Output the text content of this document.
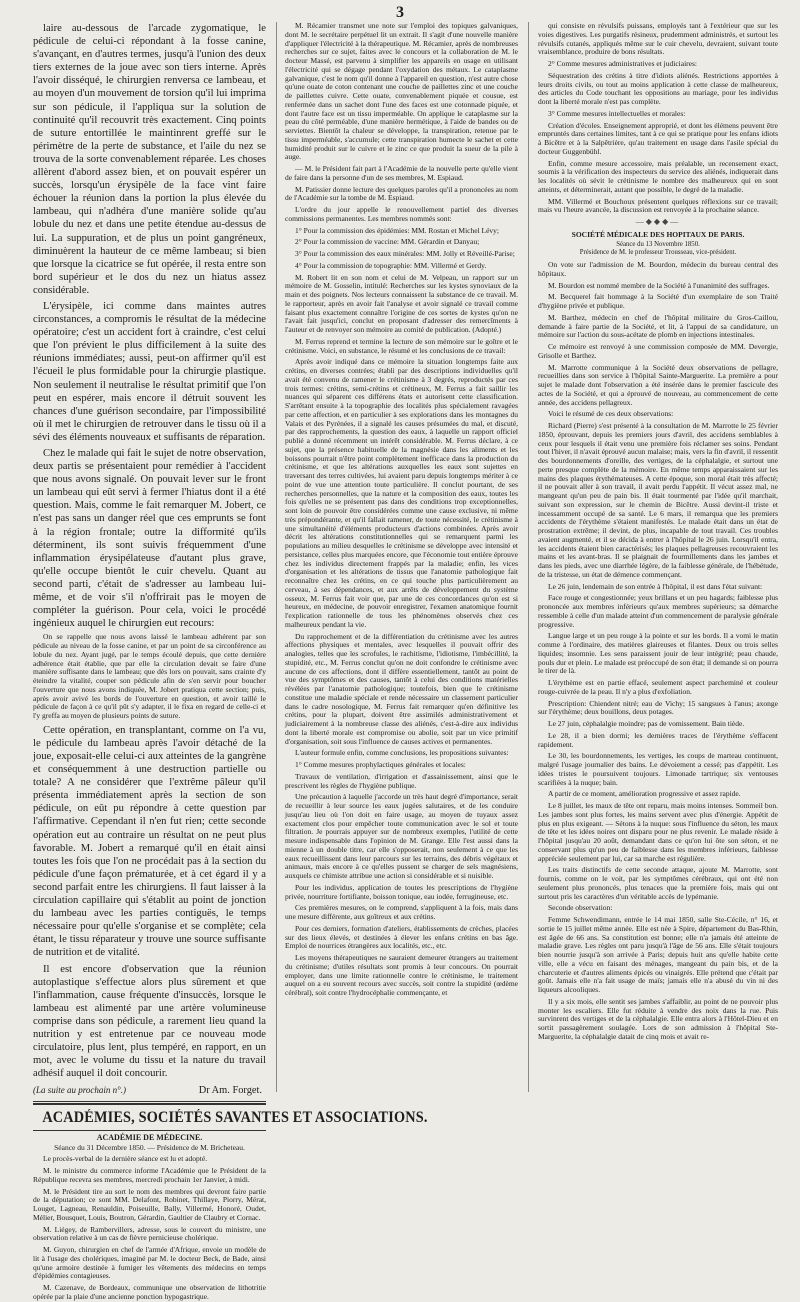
3

laire au-dessous de l'arcade zygomatique, le pédicule de celui-ci répondant à la fosse canine, s'avançant, en d'autres termes, jusqu'à l'union des deux tiers externes de la joue avec son tiers interne. Après l'avoir disséqué, le chirurgien renversa ce lambeau, et au moyen d'un mouvement de torsion qu'il lui imprima sur son pédicule, il l'appliqua sur la solution de continuité qu'il recouvrit très exactement. Cinq points de suture entortillée le maintinrent greffé sur le périmètre de la perte de substance, et l'aile du nez se trouva de la sorte convenablement réparée. Les choses allèrent d'abord assez bien, et on pouvait espérer un succès, lorsqu'un érysipèle de la face vint faire échouer la réunion dans la portion la plus élevée du lambeau, qui n'adhéra d'une manière solide qu'au lobule du nez et dans une petite étendue au-dessus de lui. La suppuration, et de plus un point gangréneux, diminuèrent la hauteur de ce même lambeau; si bien que lorsque la cicatrice se fut opérée, il resta entre son bord supérieur et le dos du nez un hiatus assez considérable.

L'érysipèle, ici comme dans maintes autres circonstances, a compromis le résultat de la médecine opératoire; c'est un accident fort à craindre, c'est celui que l'on prévient le plus difficilement à la suite des réunions immédiates; aussi, peut-on affirmer qu'il est l'écueil le plus formidable pour la chirurgie plastique. Non seulement il neutralise le résultat primitif que l'on peut en espérer, mais encore il détruit souvent les chances d'une guérison secondaire, par l'impossibilité où il met le chirurgien de retrouver dans le tissu où il a sévi des éléments nouveaux et suffisants de réparation.

Chez le malade qui fait le sujet de notre observation, deux partis se présentaient pour remédier à l'accident que nous avons signalé. On pouvait lever sur le front un lambeau qui eût servi à fermer l'hiatus dont il a été question. Mais, comme le fait remarquer M. Jobert, ce n'est pas sans un danger réel que ces emprunts se font à la région frontale; outre la difformité qu'ils déterminent, ils sont suivis fréquemment d'une inflammation érysipélateuse d'autant plus grave, qu'elle occupe bientôt le cuir chevelu. Quant au second parti, c'était de s'adresser au lambeau lui-même, et de voir s'il n'offrirait pas le moyen de compléter la guérison. Pour cela, voici le procédé ingénieux auquel le chirurgien eut recours:

On se rappelle que nous avons laissé le lambeau adhérent par son pédicule au niveau de la fosse canine, et par un point de sa circonférence au lobule du nez. Ayant jugé, par le temps écoulé depuis, que cette dernière adhérence était établie, que par elle la circulation devait se faire d'une manière suffisante dans le lambeau; que dès lors on pouvait, sans crainte d'y éteindre la vitalité, couper son pédicule afin de s'en servir pour boucher l'ouverture que nous avons indiquée, M. Jobert pratiqua cette section; puis, après avoir avivé les bords de l'ouverture en question, et avoir taillé le pédicule de façon à ce qu'il pût s'y adapter, il le fixa en regard de celle-ci et l'y greffa au moyen de plusieurs points de suture.

Cette opération, en transplantant, comme on l'a vu, le pédicule du lambeau après l'avoir détaché de la joue, exposait-elle celui-ci aux atteintes de la gangrène et conséquemment à une destruction partielle ou totale? A ne considérer que l'extrême pâleur qu'il présenta immédiatement après la section de son pédicule, on eût pu répondre à cette question par l'affirmative. Cependant il n'en fut rien; cette seconde opération eut au contraire un résultat on ne peut plus favorable. M. Jobert a remarqué qu'il en était ainsi toutes les fois que l'on ne procédait pas à la section du pédicule d'une façon prématurée, et à cet égard il y a second parfait entre les chirurgiens. Il faut laisser à la circulation capillaire qui s'établit au point de jonction du lambeau avec les parties contiguës, le temps nécessaire pour qu'elle s'organise et se complète; cela étant, le tissu réparateur y trouve une source suffisante de nutrition et de vitalité.

Il est encore d'observation que la réunion autoplastique s'effectue alors plus sûrement et que l'inflammation, cause fréquente d'insuccès, lorsque le lambeau est alimenté par une artère volumineuse comprise dans son pédicule, a rarement lieu quand la nutrition y est entretenue par ce nouveau mode circulatoire, plus lent, plus tempéré, en rapport, en un mot, avec le volume du tissu et la nature du travail adhésif auquel il doit concourir.

(La suite au prochain n°.)	Dr Am. Forget.
ACADÉMIES, SOCIÉTÉS SAVANTES ET ASSOCIATIONS.
ACADÉMIE DE MÉDECINE.
Séance du 31 Décembre 1850. — Présidence de M. Bricheteau.

Le procès-verbal de la dernière séance est lu et adopté.

M. le ministre du commerce informe l'Académie que le Président de la République recevra ses membres, mercredi prochain 1er Janvier, à midi.

M. le Président tire au sort le nom des membres qui devront faire partie de la députation; ce sont MM. Delafont, Robinet, Thillaye, Piorry, Mérat, Louget, Lagneau, Renauldin, Poiseuille, Bally, Villermé, Honoré, Oudet, Mélier, Bousquet, Louis, Boutron, Gérardin, Gaultier de Claubry et Cornac.

M. Liégey, de Rambervillers, adresse, sous le couvert du ministre, une observation relative à un cas de fièvre pernicieuse cholérique.

M. Guyon, chirurgien en chef de l'armée d'Afrique, envoie un modèle de lit à l'usage des cholériques, imaginé par M. le docteur Beck, de Bade, ainsi qu'une armoire destinée à fumiger les vêtements des médecins en temps d'épidémies contagieuses.

M. Cazenave, de Bordeaux, communique une observation de lithotritie opérée par la plaie d'une ancienne ponction hypogastrique.

M. Récamier transmet une note sur l'emploi des topiques galvaniques, dont M. le secrétaire perpétuel lit un extrait. Il s'agit d'une nouvelle manière d'appliquer l'électricité à la thérapeutique. M. Récamier, après de nombreuses recherches sur ce sujet, faites avec le concours et la collaboration de M. le docteur Massé, est parvenu à simplifier les appareils en usage en utilisant l'électricité qui se dégage pendant l'oxydation des métaux. Le cataplasme galvanique, c'est le nom qu'il donne à l'appareil en question, n'est autre chose qu'une ouate de coton contenant une couche de paillettes zinc et une couche de paillettes cuivre. Cette ouate, convenablement piquée et cousue, est renfermée dans un sachet dont l'une des faces est une cotonnade piquée, et dont l'autre face est un tissu imperméable. On applique le cataplasme sur la peau du côté perméable, d'une manière hermétique, à l'aide de bandes ou de serviettes. Bientôt la chaleur se développe, la transpiration, retenue par le tissu imperméable, s'accumule; cette transpiration humecte le sachet et cette humidité produit sur le cuivre et le zinc ce que produit la sueur de la pile à auge.

— M. le Président fait part à l'Académie de la nouvelle perte qu'elle vient de faire dans la personne d'un de ses membres, M. Espiaud.

M. Patissier donne lecture des quelques paroles qu'il a prononcées au nom de l'Académie sur la tombe de M. Espiaud.

L'ordre du jour appelle le renouvellement partiel des diverses commissions permanentes. Les membres nommés sont:

1° Pour la commission des épidémies: MM. Rostan et Michel Lévy;

2° Pour la commission de vaccine: MM. Gérardin et Danyau;

3° Pour la commission des eaux minérales: MM. Jolly et Réveillé-Parise;

4° Pour la commission de topographie: MM. Villermé et Gerdy.

M. Robert lit en son nom et celui de M. Velpeau, un rapport sur un mémoire de M. Gosselin, intitulé: Recherches sur les kystes synoviaux de la main et des poignets. Nos lecteurs connaissent la substance de ce travail. M. le rapporteur, après en avoir fait l'analyse et avoir signalé ce travail comme faisant plus exactement connaître l'origine de ces sortes de kystes qu'on ne l'avait fait jusqu'ici, conclut en proposant d'adresser des remercîments à l'auteur et de renvoyer son mémoire au comité de publication. (Adopté.)

M. Ferrus reprend et termine la lecture de son mémoire sur le goître et le crétinisme. Voici, en substance, le résumé et les conclusions de ce travail:

Après avoir indiqué dans ce mémoire la situation longtemps faite aux crétins, en diverses contrées; établi par des descriptions individuelles qu'il avait été convenu de ramener le crétinisme à 3 degrés, reproductés par ces trois termes: crétins, semi-crétins et crétineux, M. Ferrus a fait saillir les nuances qui séparent ces différens états et autorisent cette classification. S'arrêtant ensuite à la topographie des localités plus spécialement ravagées par cette affection, et en particulier à ses explorations dans les montagnes du Valais et des Pyrénées, il a signalé les causes présumées du mal, et discuté, par des rapprochements, la question des eaux, à laquelle un rapport officiel publié a donné récemment un intérêt considérable. M. Ferrus déclare, à ce sujet, que la présence habituelle de la magnésie dans les aliments et les boissons pourrait n'être point complètement inefficace dans la production du crétinisme, et que les altérations auxquelles les eaux sont sujettes en traversant des terres cultivées, lui avaient paru depuis longtemps mériter à ce point de vue une attention toute particulière. Il conclut pourtant, de ses recherches personnelles, que la nature et la composition des eaux, toutes les fois qu'elles ne se présentent pas dans des conditions trop exceptionnelles, sont loin de pouvoir être considérées comme une cause exclusive, ni même très prépondérante, et qu'il fallait ramener, de toute nécessité, le crétinisme à une simultanéité d'éléments producteurs d'actions combinées. Après avoir décrit les altérations constitutionnelles qui se remarquent parmi les populations au milieu desquelles le crétinisme se développe avec intensité et persistance, celles plus marquées encore, que l'économie tout entière éprouve chez les individus directement frappés par la maladie; enfin, les vices d'organisation et les altérations de tissus que l'anatomie pathologique fait reconnaître chez les crétins, en ce qui touche plus particulièrement au cerveau, à ses dépendances, et aux arrêts de développement du système osseux, M. Ferrus fait voir que, par une de ces concordances qu'on est si heureux, en médecine, de pouvoir enregistrer, l'examen anatomique fournit l'explication rationnelle de tous les phénomènes observés chez ces malheureux pendant la vie.

Du rapprochement et de la différentiation du crétinisme avec les autres affections physiques et mentales, avec lesquelles il pouvait offrir des analogies, telles que les scrofules, le rachitisme, l'idiotisme, l'imbécillité, la stupidité, etc., M. Ferrus conclut qu'on ne doit confondre le crétinisme avec aucune de ces affections, dont il diffère essentiellement, tantôt au point de vue des symptômes et des causes, tantôt à celui des conditions matérielles révélées par l'anatomie pathologique; toutefois, bien que le crétinisme constitue une maladie spéciale et rende nécessaire un classement particulier dans le cadre nosologique, M. Ferrus fait remarquer qu'en définitive les crétins, pour la plupart, doivent être assimilés administrativement et judiciairement à la nombreuse classe des aliénés, c'est-à-dire aux individus dont la liberté morale est compromise ou abolie, soit par un vice primitif d'organisation, soit sous l'influence de causes actives et permanentes.

L'auteur formule enfin, comme conclusions, les propositions suivantes:

1° Comme mesures prophylactiques générales et locales:

Travaux de ventilation, d'irrigation et d'assainissement, ainsi que le prescrivent les règles de l'hygiène publique.

Une précaution à laquelle j'accorde un très haut degré d'importance, serait de recueillir à leur source les eaux jugées salutaires, et de les conduire jusqu'au lieu où l'on doit en faire usage, au moyen de tuyaux assez exactement clos pour empêcher toute communication avec le sol et toute filtration. Je pourrais appuyer sur de nombreux exemples, l'utilité de cette mesure indispensable dans l'opinion de M. Grange. Elle l'est aussi dans la mienne à un double titre, car elle s'opposerait, non seulement à ce que les eaux recueillissent dans leur parcours sur les terrains, des débris végétaux et animaux, mais encore à ce qu'elles pussent se charger de sels magnésiens, auxquels ce chimiste attribue une action si considérable et si nuisible.

Pour les individus, application de toutes les prescriptions de l'hygiène privée, nourriture fortifiante, boisson tonique, eau iodée, ferrugineuse, etc.

Ces premières mesures, on le comprend, s'appliquent à la fois, mais dans une mesure différente, aux goîtreux et aux crétins.

Pour ces derniers, formation d'ateliers, établissements de crèches, placées sur des lieux élevés, et destinées à élever les enfans crétins en bas âge. Emploi de nourrices étrangères aux localités, etc., etc.

Les moyens thérapeutiques ne sauraient demeurer étrangers au traitement du crétinisme; d'utiles résultats sont promis à leur concours. On pourrait employer, dans une limite rationnelle contre le crétinisme, le traitement auquel on a eu souvent recours avec succès, soit contre la stupidité (œdème cérébral), soit contre l'hydrocéphalie commençante, et

qui consiste en révulsifs puissans, employés tant à l'extérieur que sur les voies digestives. Les purgatifs résineux, prudemment administrés, et surtout les révulsifs cutanés, appliqués même sur le cuir chevelu, devraient, suivant toute vraisemblance, produire de bons résultats.

2° Comme mesures administratives et judiciaires:

Séquestration des crétins à titre d'idiots aliénés. Restrictions apportées à leurs droits civils, ou tout au moins application à cette classe de malheureux, des articles du Code touchant les oppositions au mariage, pour les individus dont la liberté morale n'est pas complète.

3° Comme mesures intellectuelles et morales:

Création d'écoles. Enseignement approprié, et dont les élémens peuvent être empruntés dans certaines limites, tant à ce qui se pratique pour les enfans idiots à Bicêtre et à la Salpêtrière, qu'au traitement en usage dans l'asile spécial du docteur Guggenbühl.

Enfin, comme mesure accessoire, mais préalable, un recensement exact, soumis à la vérification des inspecteurs du service des aliénés, indiquerait dans les localités où sévit le crétinisme le nombre des malheureux qui en sont atteints, et déterminerait, autant que possible, le degré de la maladie.

MM. Villermé et Bouchoux présentent quelques réflexions sur ce travail; mais vu l'heure avancée, la discussion est renvoyée à la prochaine séance.

—◆◆◆—
SOCIÉTÉ MÉDICALE DES HOPITAUX DE PARIS.
Séance du 13 Novembre 1850.
Présidence de M. le professeur Trousseau, vice-président.

On vote sur l'admission de M. Bourdon, médecin du bureau central des hôpitaux.

M. Bourdon est nommé membre de la Société à l'unanimité des suffrages.

M. Becquerel fait hommage à la Société d'un exemplaire de son Traité d'hygiène privée et publique.

M. Barthez, médecin en chef de l'hôpital militaire du Gros-Caillou, demande à faire partie de la Société, et lit, à l'appui de sa candidature, un mémoire sur l'action du sous-acétate de plomb en injections intestinales.

Ce mémoire est renvoyé à une commission composée de MM. Devergie, Grisolle et Barthez.

M. Marrotte communique à la Société deux observations de pellagre, recueillies dans son service à l'hôpital Sainte-Marguerite. La première a pour sujet le malade dont l'observation a été insérée dans le premier fascicule des actes de la Société, et qui a éprouvé de nouveau, au commencement de cette année, des accidens pellagreux.

Voici le résumé de ces deux observations:

Richard (Pierre) s'est présenté à la consultation de M. Marrotte le 25 février 1850, éprouvant, depuis les premiers jours d'avril, des accidens semblables à ceux pour lesquels il était venu une première fois réclamer ses soins. Pendant tout l'hiver, il n'avait éprouvé aucun malaise; mais, vers la fin d'avril, il ressentit des bourdonnements d'oreille, des vertiges, de la céphalalgie, et surtout une perte presque complète de la mémoire. En même temps apparaissaient sur les mains des plaques érythémateuses. A cette époque, son moral était très affecté; il ne pouvait aller à son travail, il avait perdu l'appétit. Il vécut assez mal, ne mangeant qu'un peu de pain bis. Il était tourmenté par l'idée qu'il marchait, suivant son expression, sur le chemin de Bicêtre. Aussi devint-il triste et incessamment occupé de sa santé. Le 6 mars, il remarqua que les premiers accidents de l'érythème s'étaient manifestés. Le malade était dans un état de prostration extrême; il devint, de plus, incapable de tout travail. Ces troubles avaient augmenté, et il se décida à entrer à l'hôpital le 26 juin. Lorsqu'il entra, les accidents étaient bien caractérisés; les plaques pellagreuses recouvraient les mains et les avant-bras. Il se plaignait de fourmillements dans les jambes et dans les pieds, avec une diarrhée légère, de la faiblesse générale, de l'hébétude, de la tristesse, un état de démence commençant.

Le 26 juin, lendemain de son entrée à l'hôpital, il est dans l'état suivant:

Face rouge et congestionnée; yeux brillans et un peu hagards; faiblesse plus prononcée aux membres inférieurs qu'aux membres supérieurs; sa démarche ressemble à celle d'un malade atteint d'un commencement de paralysie générale progressive.

Langue large et un peu rouge à la pointe et sur les bords. Il a vomi le matin comme à l'ordinaire, des matières glaireuses et filantes. Deux ou trois selles liquides; insomnie. Les sens paraissent jouir de leur intégrité; peau chaude, pouls dur et plein. Le malade est préoccupé de son état; il demande si on pourra le tirer de là.

L'érythème est en partie effacé, seulement aspect parcheminé et couleur rouge-cuivrée de la peau. Il n'y a plus d'exfoliation.

Prescription: Chiendent nitré; eau de Vichy; 15 sangsues à l'anus; axonge sur l'érythème; deux bouillons, deux potages.

Le 27 juin, céphalalgie moindre; pas de vomissement. Bain tiède.

Le 28, il a bien dormi; les dernières traces de l'érythème s'effacent rapidement.

Le 30, les bourdonnements, les vertiges, les coups de marteau continuent, malgré l'usage journalier des bains. Le dévoiement a cessé; pas d'appétit. Les idées tristes le poursuivent toujours. Limonade tartrique; six ventouses scarifiées à la nuque; bain.

A partir de ce moment, amélioration progressive et assez rapide.

Le 8 juillet, les maux de tête ont reparu, mais moins intenses. Sommeil bon. Les jambes sont plus fortes, les mains servent avec plus d'énergie. Appétit de plus en plus exigeant. — Sétons à la nuque: sous l'influence du séton, les maux de tête et les idées noires ont disparu pour ne plus revenir. Le malade réside à l'hôpital jusqu'au 20 août, demandant dans ce qu'on lui ôte son séton, et ne conservant plus qu'un peu de faiblesse dans les membres inférieurs, faiblesse appréciée seulement par lui, car sa marche est régulière.

Les traits distinctifs de cette seconde attaque, ajoute M. Marrotte, sont fournis, comme on le voit, par les symptômes cérébraux, qui ont été non seulement plus prononcés, plus tenaces que la première fois, mais qui ont surtout pris les caractères d'un véritable accès de lypémanie.

Seconde observation:

Femme Schwendimann, entrée le 14 mai 1850, salle Ste-Cécile, n° 16, et sortie le 15 juillet même année. Elle est née à Spire, département du Bas-Rhin, est âgée de 66 ans. Sa constitution est bonne; elle n'a jamais été atteinte de maladie grave. Les règles ont paru jusqu'à l'âge de 56 ans. Elle s'était toujours bien nourrie jusqu'à son arrivée à Paris; depuis huit ans qu'elle habite cette ville, elle a vécu en faisant des ménages, mangeant du pain bis, et de la charcuterie et d'autres aliments épicés ou vinaigrés. Elle prétend que c'était par goût. Jamais elle n'a fait usage de maïs; jamais elle n'a abusé du vin ni des liqueurs alcooliques.

Il y a six mois, elle sentit ses jambes s'affaiblir, au point de ne pouvoir plus monter les escaliers. Elle fut réduite à vendre des noix dans la rue. Puis survinrent des vertiges et de la céphalalgie. Elle entra alors à l'Hôtel-Dieu et en sortit passagèrement soulagée. Lors de son admission à l'hôpital Ste-Marguerite, la céphalalgie datait de cinq mois et avait re-
